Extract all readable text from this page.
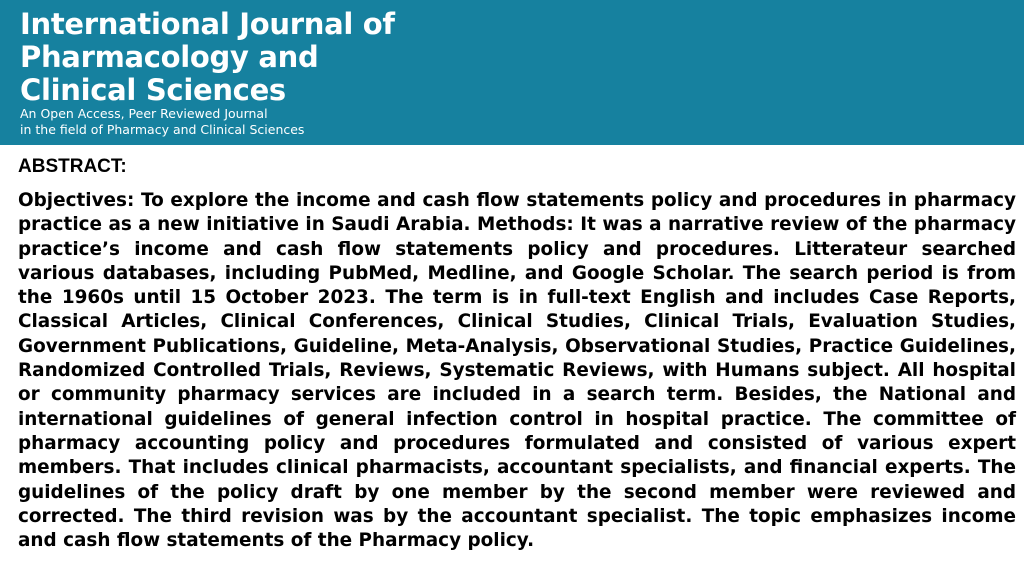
International Journal of
Pharmacology and
Clinical Sciences

An Open Access, Peer Reviewed Journal
in the field of Pharmacy and Clinical Sciences

ABSTRACT:

Objectives: To explore the income and cash flow statements policy and procedures in pharmacy practice as a new initiative in Saudi Arabia. Methods: It was a narrative review of the pharmacy practice’s income and cash flow statements policy and procedures. Litterateur searched various databases, including PubMed, Medline, and Google Scholar. The search period is from the 1960s until 15 October 2023. The term is in full-text English and includes Case Reports, Classical Articles, Clinical Conferences, Clinical Studies, Clinical Trials, Evaluation Studies, Government Publications, Guideline, Meta-Analysis, Observational Studies, Practice Guidelines, Randomized Controlled Trials, Reviews, Systematic Reviews, with Humans subject. All hospital or community pharmacy services are included in a search term. Besides, the National and international guidelines of general infection control in hospital practice. The committee of pharmacy accounting policy and procedures formulated and consisted of various expert members. That includes clinical pharmacists, accountant specialists, and financial experts. The guidelines of the policy draft by one member by the second member were reviewed and corrected. The third revision was by the accountant specialist. The topic emphasizes income and cash flow statements of the Pharmacy policy.
